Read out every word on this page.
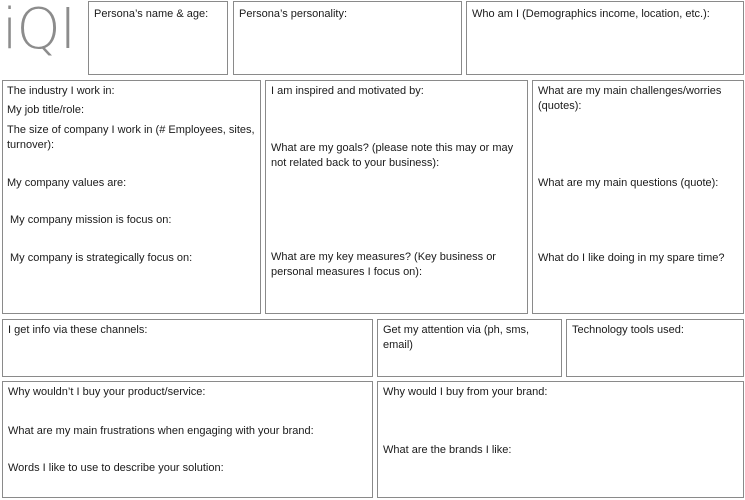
iQI Persona’s name & age:	Persona’s personality:	Who am I (Demographics income, location, etc.):
The industry I work in:
My job title/role:
The size of company I work in (# Employees, sites, turnover):
My company values are:
My company mission is focus on:
My company is strategically focus on:
I am inspired and motivated by:
What are my goals? (please note this may or may not related back to your business):
What are my key measures? (Key business or personal measures I focus on):
What are my main challenges/worries (quotes):
What are my main questions (quote):
What do I like doing in my spare time?
I get info via these channels:	Get my attention via (ph, sms, email)
Technology tools used:
Why wouldn’t I buy your product/service:
What are my main frustrations when engaging with your brand:
Words I like to use to describe your solution:
Why would I buy from your brand:
What are the brands I like:
